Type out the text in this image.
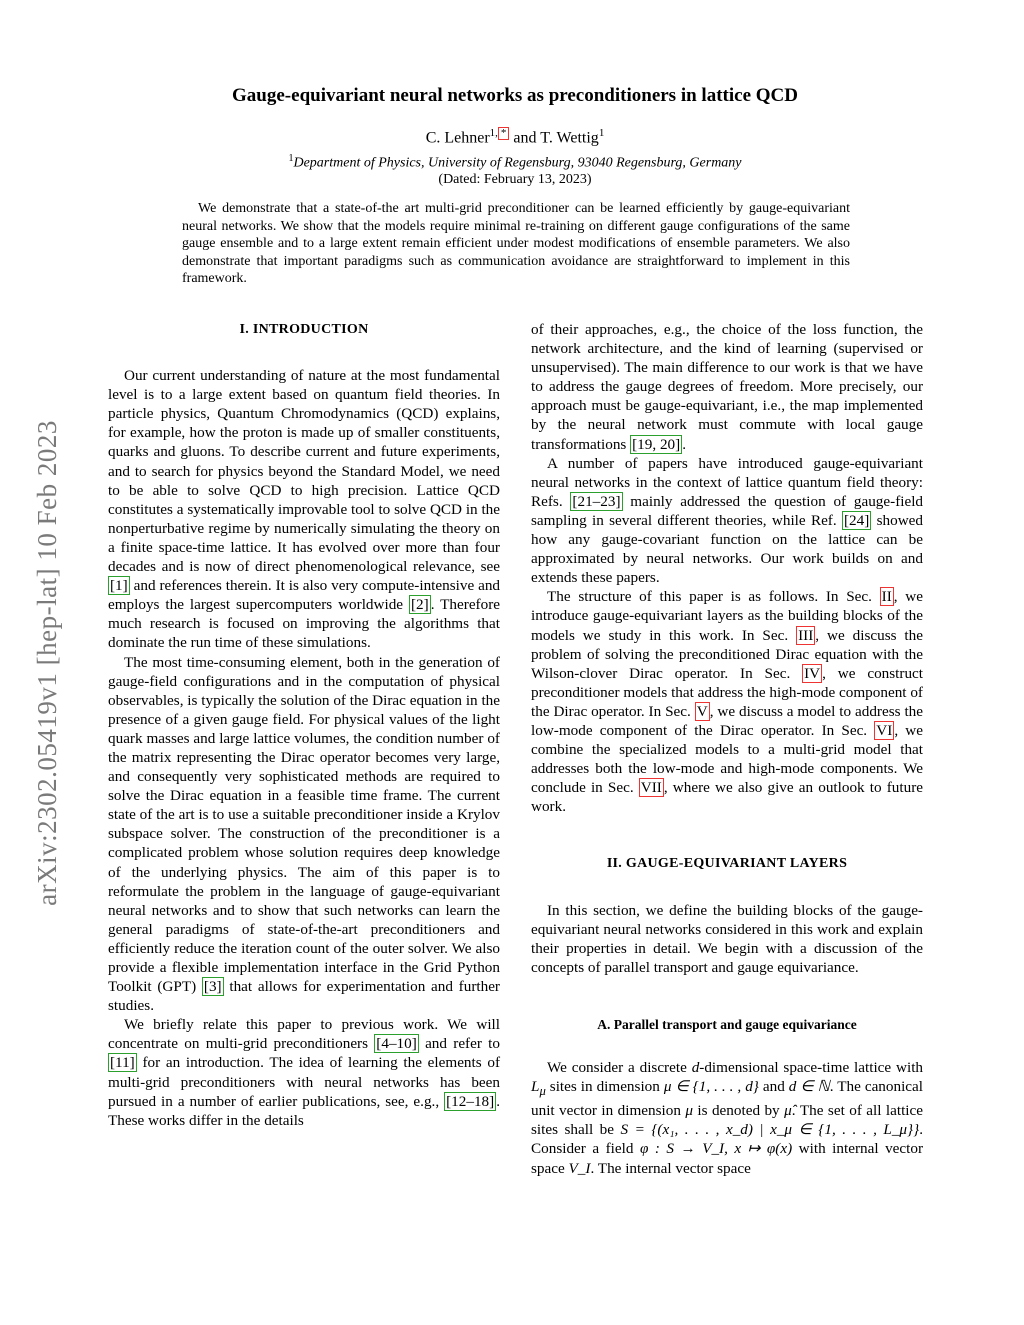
arXiv:2302.05419v1 [hep-lat] 10 Feb 2023
Gauge-equivariant neural networks as preconditioners in lattice QCD
C. Lehner$^{1,}$ * and T. Wettig$^1$
$^1$Department of Physics, University of Regensburg, 93040 Regensburg, Germany
(Dated: February 13, 2023)
We demonstrate that a state-of-the art multi-grid preconditioner can be learned efficiently by gauge-equivariant neural networks. We show that the models require minimal re-training on different gauge configurations of the same gauge ensemble and to a large extent remain efficient under modest modifications of ensemble parameters. We also demonstrate that important paradigms such as communication avoidance are straightforward to implement in this framework.
I. INTRODUCTION

Our current understanding of nature at the most fundamental level is to a large extent based on quantum field theories. In particle physics, Quantum Chromodynamics (QCD) explains, for example, how the proton is made up of smaller constituents, quarks and gluons. To describe current and future experiments, and to search for physics beyond the Standard Model, we need to be able to solve QCD to high precision. Lattice QCD constitutes a systematically improvable tool to solve QCD in the nonperturbative regime by numerically simulating the theory on a finite space-time lattice. It has evolved over more than four decades and is now of direct phenomenological relevance, see [1] and references therein. It is also very compute-intensive and employs the largest supercomputers worldwide [2] . Therefore much research is focused on improving the algorithms that dominate the run time of these simulations.

The most time-consuming element, both in the generation of gauge-field configurations and in the computation of physical observables, is typically the solution of the Dirac equation in the presence of a given gauge field. For physical values of the light quark masses and large lattice volumes, the condition number of the matrix representing the Dirac operator becomes very large, and consequently very sophisticated methods are required to solve the Dirac equation in a feasible time frame. The current state of the art is to use a suitable preconditioner inside a Krylov subspace solver. The construction of the preconditioner is a complicated problem whose solution requires deep knowledge of the underlying physics. The aim of this paper is to reformulate the problem in the language of gauge-equivariant neural networks and to show that such networks can learn the general paradigms of state-of-the-art preconditioners and efficiently reduce the iteration count of the outer solver. We also provide a flexible implementation interface in the Grid Python Toolkit (GPT) [3] that allows for experimentation and further studies.

We briefly relate this paper to previous work. We will concentrate on multi-grid preconditioners [4–10] and refer to [11] for an introduction. The idea of learning the elements of multi-grid preconditioners with neural networks has been pursued in a number of earlier publications, see, e.g., [12–18] . These works differ in the details

of their approaches, e.g., the choice of the loss function, the network architecture, and the kind of learning (supervised or unsupervised). The main difference to our work is that we have to address the gauge degrees of freedom. More precisely, our approach must be gauge-equivariant, i.e., the map implemented by the neural network must commute with local gauge transformations [19, 20] .

A number of papers have introduced gauge-equivariant neural networks in the context of lattice quantum field theory: Refs. [21–23] mainly addressed the question of gauge-field sampling in several different theories, while Ref. [24] showed how any gauge-covariant function on the lattice can be approximated by neural networks. Our work builds on and extends these papers.

The structure of this paper is as follows. In Sec. II , we introduce gauge-equivariant layers as the building blocks of the models we study in this work. In Sec. III , we discuss the problem of solving the preconditioned Dirac equation with the Wilson-clover Dirac operator. In Sec. IV , we construct preconditioner models that address the high-mode component of the Dirac operator. In Sec. V , we discuss a model to address the low-mode component of the Dirac operator. In Sec. VI , we combine the specialized models to a multi-grid model that addresses both the low-mode and high-mode components. We conclude in Sec. VII , where we also give an outlook to future work.

II. GAUGE-EQUIVARIANT LAYERS

In this section, we define the building blocks of the gauge-equivariant neural networks considered in this work and explain their properties in detail. We begin with a discussion of the concepts of parallel transport and gauge equivariance.

A. Parallel transport and gauge equivariance

We consider a discrete d-dimensional space-time lattice with $L_\mu$ sites in dimension μ ∈ {1, . . . , d} and d ∈ ℕ. The canonical unit vector in dimension μ is denoted by μ̂. The set of all lattice sites shall be S = {(x₁, . . . , x_d) | x_μ ∈ {1, . . . , L_μ}}. Consider a field φ : S → V_I, x ↦ φ(x) with internal vector space V_I. The internal vector space
